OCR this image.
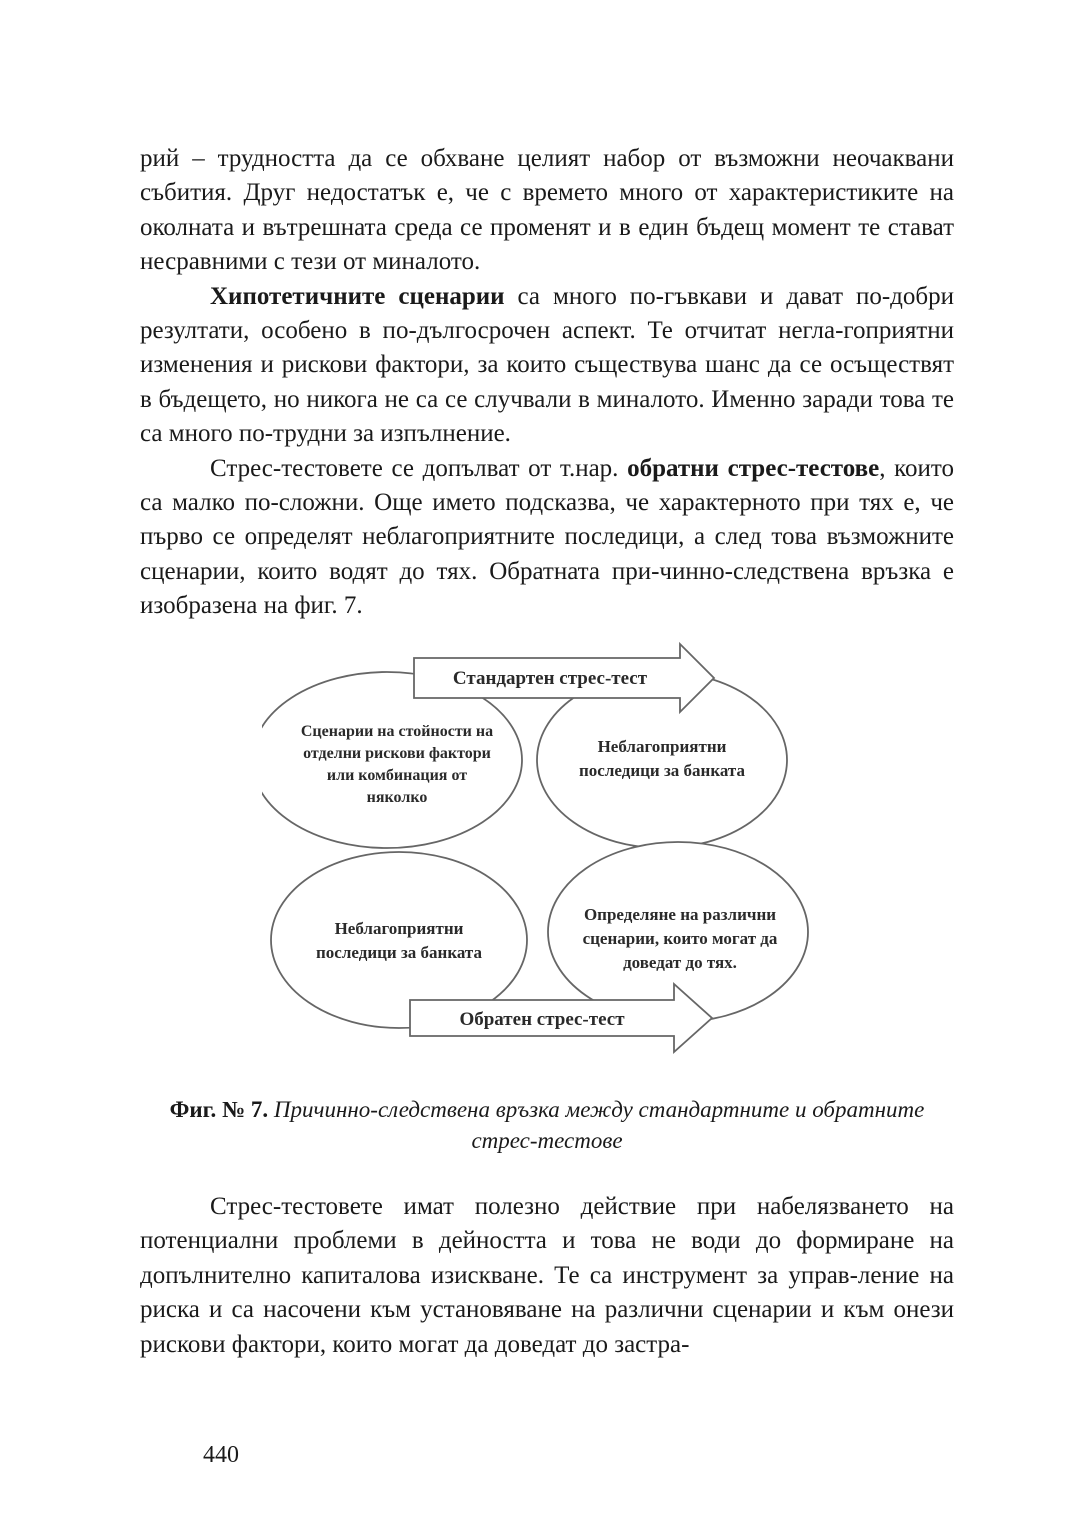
рий – трудността да се обхване целият набор от възможни неочаквани събития. Друг недостатък е, че с времето много от характеристиките на околната и вътрешната среда се променят и в един бъдещ момент те стават несравними с тези от миналото.

Хипотетичните сценарии са много по-гъвкави и дават по-добри резултати, особено в по-дългосрочен аспект. Те отчитат негла-гоприятни изменения и рискови фактори, за които съществува шанс да се осъществят в бъдещето, но никога не са се случвали в миналото. Именно заради това те са много по-трудни за изпълнение.

Стрес-тестовете се допълват от т.нар. обратни стрес-тестове, които са малко по-сложни. Още името подсказва, че характерното при тях е, че първо се определят неблагоприятните последици, а след това възможните сценарии, които водят до тях. Обратната при-чинно-следствена връзка е изобразена на фиг. 7.

Стандартен стрес-тест
Сценарии на стойности на
отделни рискови фактори
или комбинация от
няколко
Неблагоприятни
последици за банката
Неблагоприятни
последици за банката
Определяне на различни
сценарии, които могат да
доведат до тях.
Обратен стрес-тест
Фиг. № 7. Причинно-следствена връзка между стандартните и обратните стрес-тестове

Стрес-тестовете имат полезно действие при набелязването на потенциални проблеми в дейността и това не води до формиране на допълнително капиталова изискване. Те са инструмент за управ-ление на риска и са насочени към установяване на различни сценарии и към онези рискови фактори, които могат да доведат до застра-

440
